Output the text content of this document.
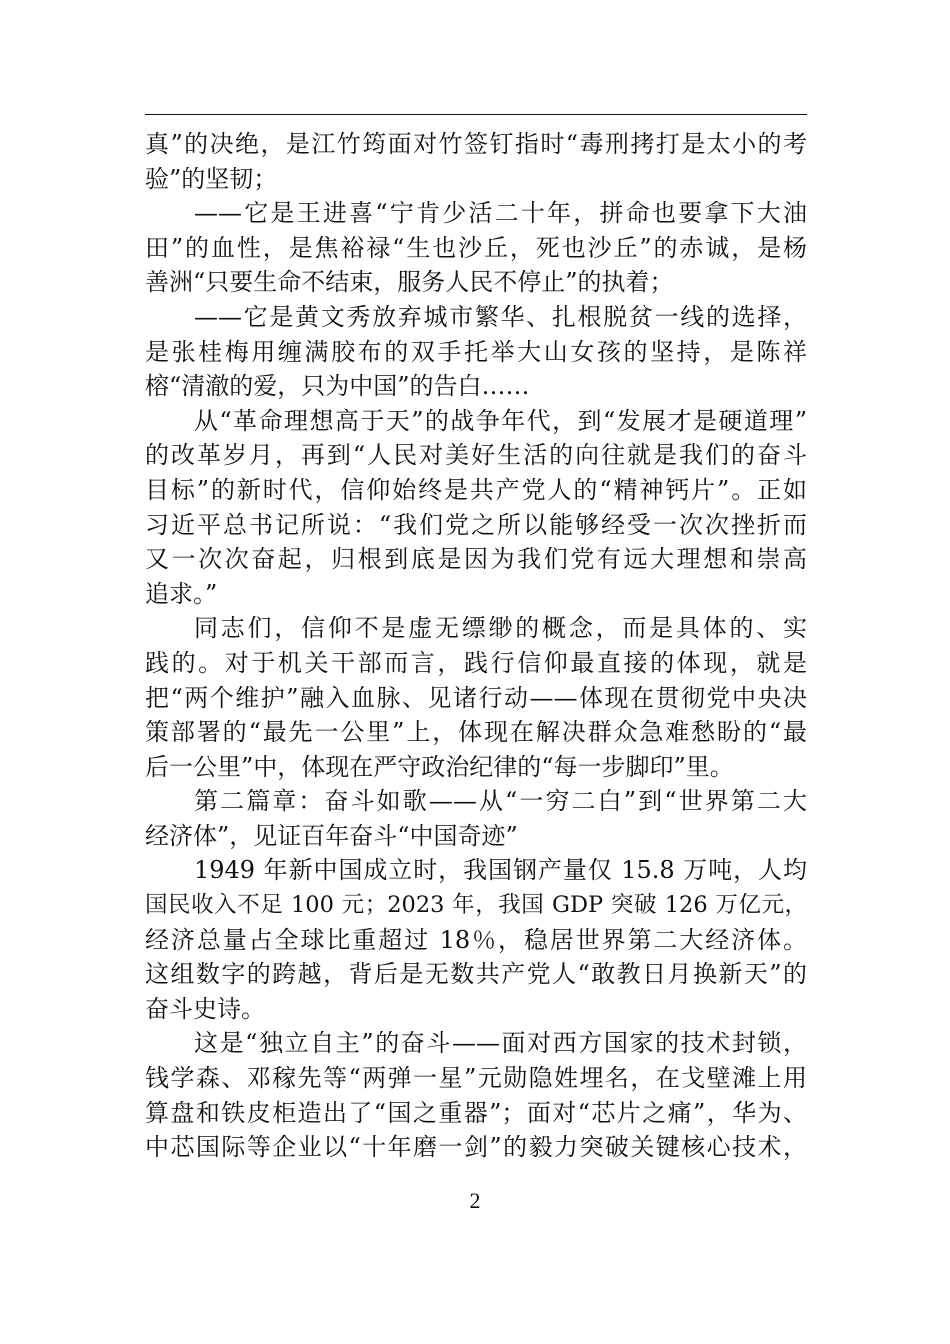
真”的决绝，是江竹筠面对竹签钉指时“毒刑拷打是太小的考
验”的坚韧；
——它是王进喜“宁肯少活二十年，拼命也要拿下大油
田”的血性，是焦裕禄“生也沙丘，死也沙丘”的赤诚，是杨
善洲“只要生命不结束，服务人民不停止”的执着；
——它是黄文秀放弃城市繁华、扎根脱贫一线的选择，
是张桂梅用缠满胶布的双手托举大山女孩的坚持，是陈祥
榕“清澈的爱，只为中国”的告白……
从“革命理想高于天”的战争年代，到“发展才是硬道理”
的改革岁月，再到“人民对美好生活的向往就是我们的奋斗
目标”的新时代，信仰始终是共产党人的“精神钙片”。正如
习近平总书记所说：“我们党之所以能够经受一次次挫折而
又一次次奋起，归根到底是因为我们党有远大理想和崇高
追求。”
同志们，信仰不是虚无缥缈的概念，而是具体的、实
践的。对于机关干部而言，践行信仰最直接的体现，就是
把“两个维护”融入血脉、见诸行动——体现在贯彻党中央决
策部署的“最先一公里”上，体现在解决群众急难愁盼的“最
后一公里”中，体现在严守政治纪律的“每一步脚印”里。
第二篇章：奋斗如歌——从“一穷二白”到“世界第二大
经济体”，见证百年奋斗“中国奇迹”
1949 年新中国成立时，我国钢产量仅 15.8 万吨，人均
国民收入不足 100 元；2023 年，我国 GDP 突破 126 万亿元，
经济总量占全球比重超过 18％，稳居世界第二大经济体。
这组数字的跨越，背后是无数共产党人“敢教日月换新天”的
奋斗史诗。
这是“独立自主”的奋斗——面对西方国家的技术封锁，
钱学森、邓稼先等“两弹一星”元勋隐姓埋名，在戈壁滩上用
算盘和铁皮柜造出了“国之重器”；面对“芯片之痛”，华为、
中芯国际等企业以“十年磨一剑”的毅力突破关键核心技术，
2
